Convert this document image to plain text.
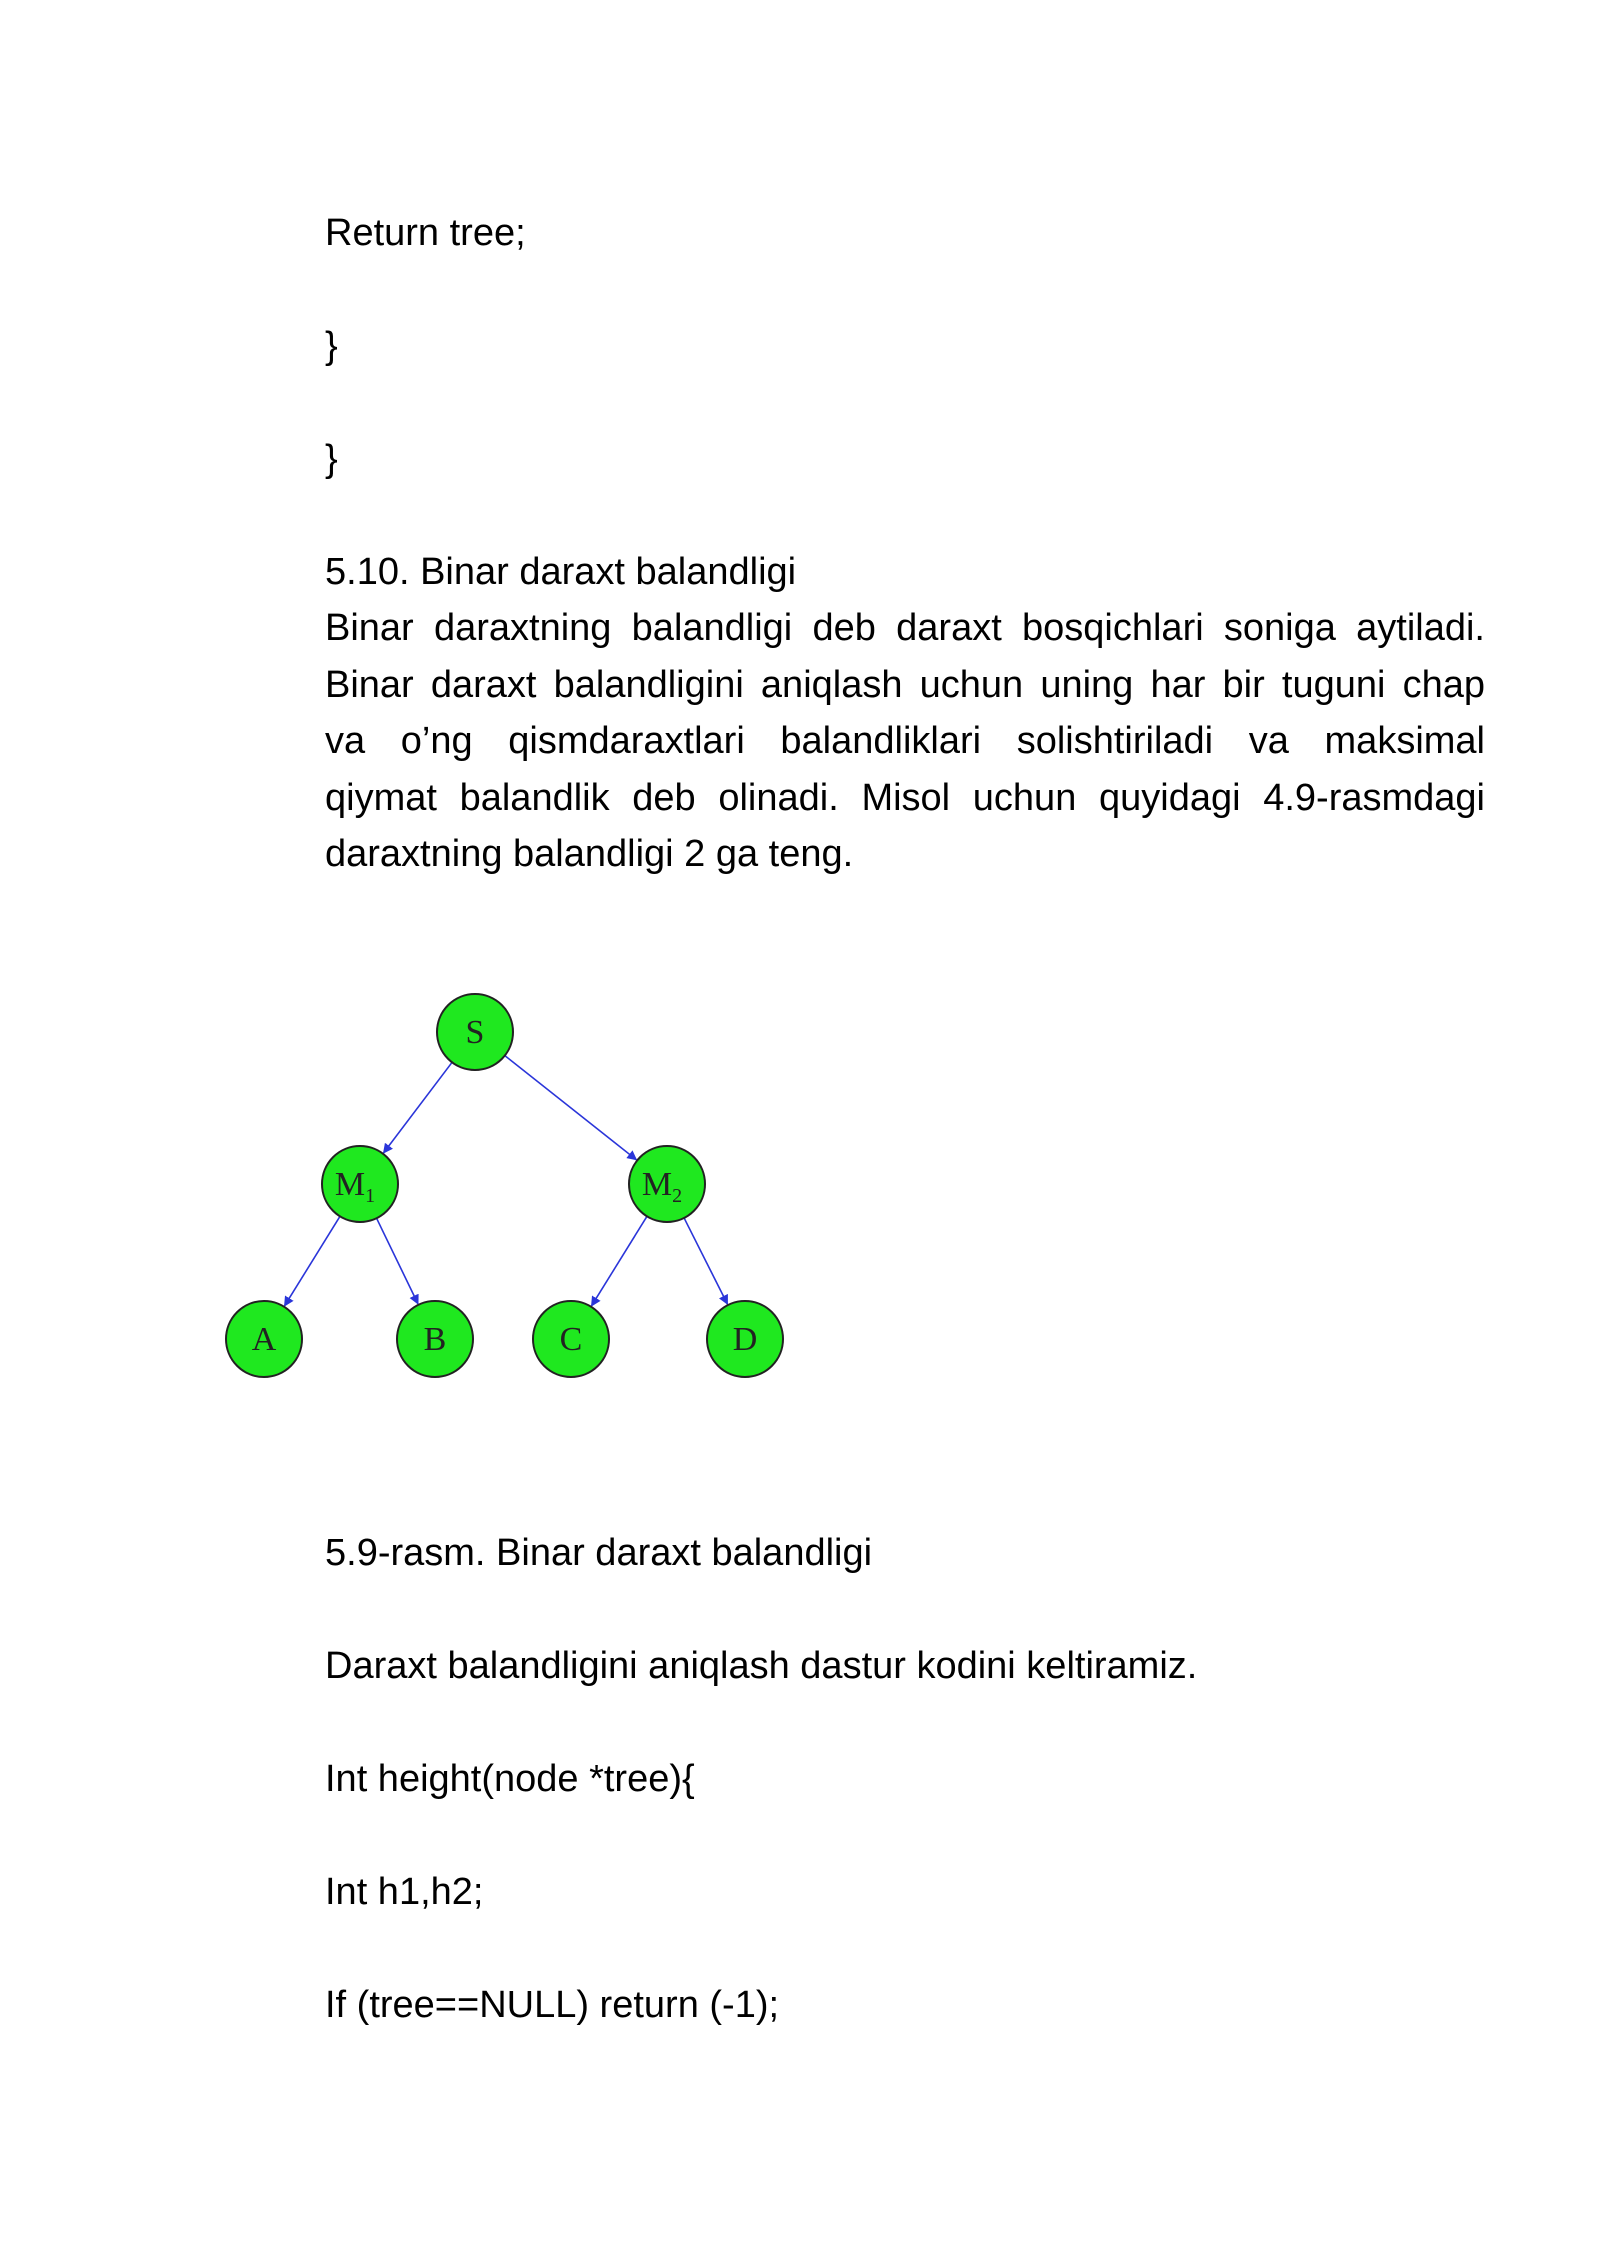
Return tree;
}
}
5.10. Binar daraxt balandligi
Binar daraxtning balandligi deb daraxt bosqichlari soniga aytiladi.
Binar daraxt balandligini aniqlash uchun uning har bir tuguni chap
va o’ng qismdaraxtlari balandliklari solishtiriladi va maksimal
qiymat balandlik deb olinadi. Misol uchun quyidagi 4.9-rasmdagi
daraxtning balandligi 2 ga teng.
S
$M_1$	$M_2$
A	B	C	D
5.9-rasm. Binar daraxt balandligi
Daraxt balandligini aniqlash dastur kodini keltiramiz.
Int height(node *tree){
Int h1,h2;
If (tree==NULL) return (-1);
